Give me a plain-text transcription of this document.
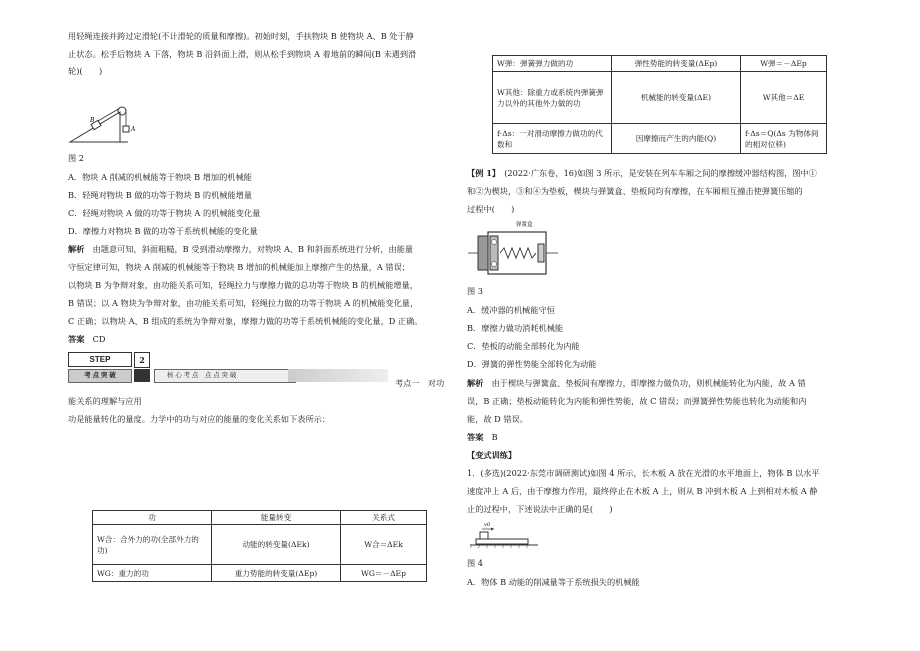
用轻绳连接并跨过定滑轮(不计滑轮的质量和摩擦)。初始时刻，手扶物块 B 使物块 A、B 处于静
止状态。松手后物块 A 下落，物块 B 沿斜面上滑，则从松手到物块 A 着地前的瞬间(B 未遇到滑
轮)(　　)
B
A
图 2
A．物块 A 削减的机械能等于物块 B 增加的机械能
B．轻绳对物块 B 做的功等于物块 B 的机械能增量
C．轻绳对物块 A 做的功等于物块 A 的机械能变化量
D．摩擦力对物块 B 做的功等于系统机械能的变化量
解析　 由题意可知，斜面粗糙，B 受到滑动摩擦力，对物块 A、B 和斜面系统进行分析，由能量
守恒定律可知，物块 A 削减的机械能等于物块 B 增加的机械能加上摩擦产生的热量，A 错误；
以物块 B 为争辩对象，由功能关系可知，轻绳拉力与摩擦力做的总功等于物块 B 的机械能增量，
B 错误；以 A 物块为争辩对象，由功能关系可知，轻绳拉力做的功等于物块 A 的机械能变化量，
C 正确；以物块 A、B 组成的系统为争辩对象，摩擦力做的功等于系统机械能的变化量，D 正确。
答案　 CD
STEP	2
考 点 突 破	核 心 考 点　点 点 突 破
考点一　对功
能关系的理解与应用
功是能量转化的量度。力学中的功与对应的能量的变化关系如下表所示：
功	能量转变	关系式
W合：合外力的功(全部外力的功)	动能的转变量(ΔEk)	W合＝ΔEk
WG：重力的功	重力势能的转变量(ΔEp)	WG＝－ΔEp
W弹：弹簧弹力做的功	弹性势能的转变量(ΔEp)	W弹＝－ΔEp
W其他：除重力或系统内弹簧弹力以外的其他外力做的功	机械能的转变量(ΔE)	W其他＝ΔE
f·Δs：一对滑动摩擦力做功的代数和	因摩擦而产生的内能(Q)	f·Δs＝Q(Δs 为物体间的相对位移)
【例 1】　 (2022·广东卷，16)如图 3 所示，是安装在列车车厢之间的摩擦缓冲器结构图，图中①
和②为楔块，③和④为垫板，楔块与弹簧盒、垫板间均有摩擦，在车厢相互撞击使弹簧压缩的
过程中(　　)
弹簧盒
图 3
A．缓冲器的机械能守恒
B．摩擦力做功消耗机械能
C．垫板的动能全部转化为内能
D．弹簧的弹性势能全部转化为动能
解析　 由于楔块与弹簧盒、垫板间有摩擦力，即摩擦力做负功，则机械能转化为内能，故 A 错
误，B 正确；垫板动能转化为内能和弹性势能，故 C 错误；而弹簧弹性势能也转化为动能和内
能，故 D 错误。
答案　 B
【变式训练】
1．(多选)(2022·东莞市调研测试)如图 4 所示，长木板 A 放在光滑的水平地面上，物体 B 以水平
速度冲上 A 后，由于摩擦力作用，最终停止在木板 A 上，则从 B 冲到木板 A 上到相对木板 A 静
止的过程中，下述说法中正确的是(　　)
v0
图 4
A．物体 B 动能的削减量等于系统损失的机械能
